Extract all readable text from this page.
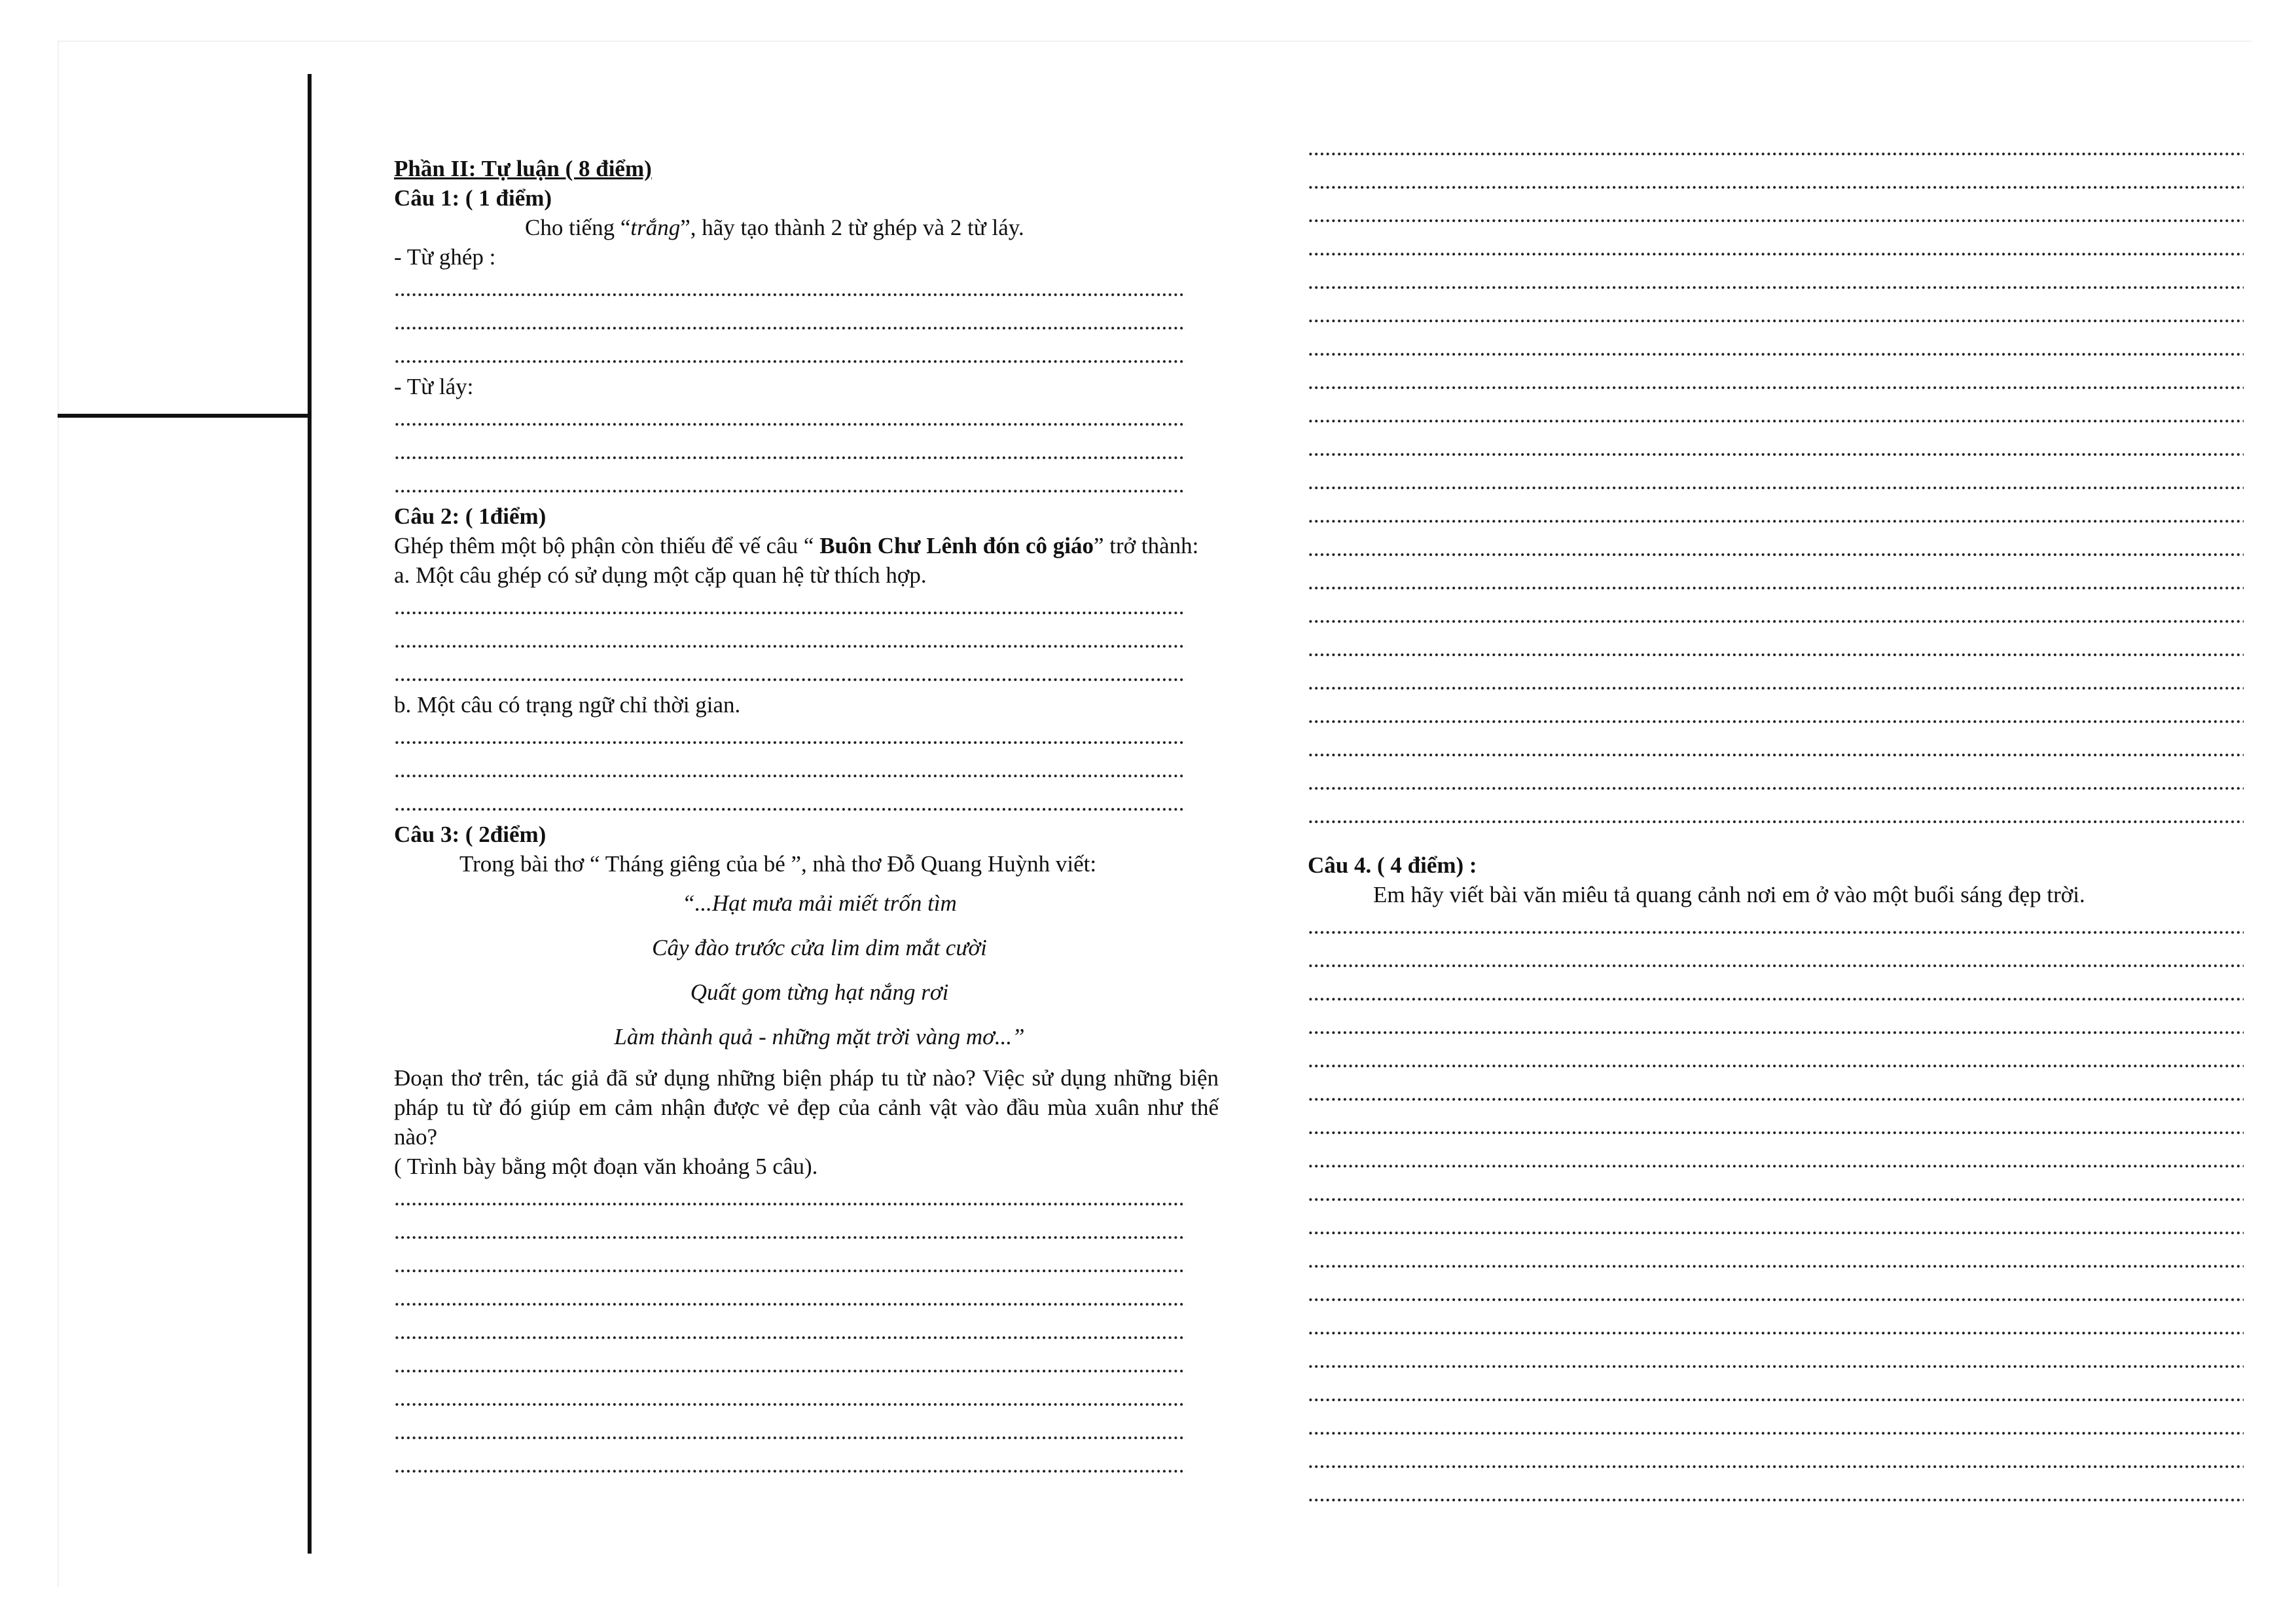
Phần II: Tự luận ( 8 điểm)
Câu 1: ( 1 điểm)
Cho tiếng “trắng”, hãy tạo thành 2 từ ghép và 2 từ láy.
- Từ ghép :
.....
.....
.....
- Từ láy:
.....
.....
.....
Câu 2: ( 1điểm)
Ghép thêm một bộ phận còn thiếu để vế câu “ Buôn Chư Lênh đón cô giáo” trở thành:
a. Một câu ghép có sử dụng một cặp quan hệ từ thích hợp.
.....
.....
.....
b. Một câu có trạng ngữ chỉ thời gian.
.....
.....
.....
Câu 3: ( 2điểm)
Trong bài thơ “ Tháng giêng của bé ”, nhà thơ Đỗ Quang Huỳnh viết:
“...Hạt mưa mải miết trốn tìm
Cây đào trước cửa lim dim mắt cười
Quất gom từng hạt nắng rơi
Làm thành quả - những mặt trời vàng mơ...”
Đoạn thơ trên, tác giả đã sử dụng những biện pháp tu từ nào? Việc sử dụng những biện pháp tu từ đó giúp em cảm nhận được vẻ đẹp của cảnh vật vào đầu mùa xuân như thế nào?
( Trình bày bằng một đoạn văn khoảng 5 câu).
.....
.....
.....
.....
.....
.....
.....
.....
.....
.....
.....
.....
.....
.....
.....
.....
.....
.....
.....
.....
.....
.....
.....
.....
.....
.....
.....
.....
.....
.....
Câu 4. ( 4 điểm) :
Em hãy viết bài văn miêu tả quang cảnh nơi em ở vào một buổi sáng đẹp trời.
.....
.....
.....
.....
.....
.....
.....
.....
.....
.....
.....
.....
.....
.....
.....
.....
.....
.....
